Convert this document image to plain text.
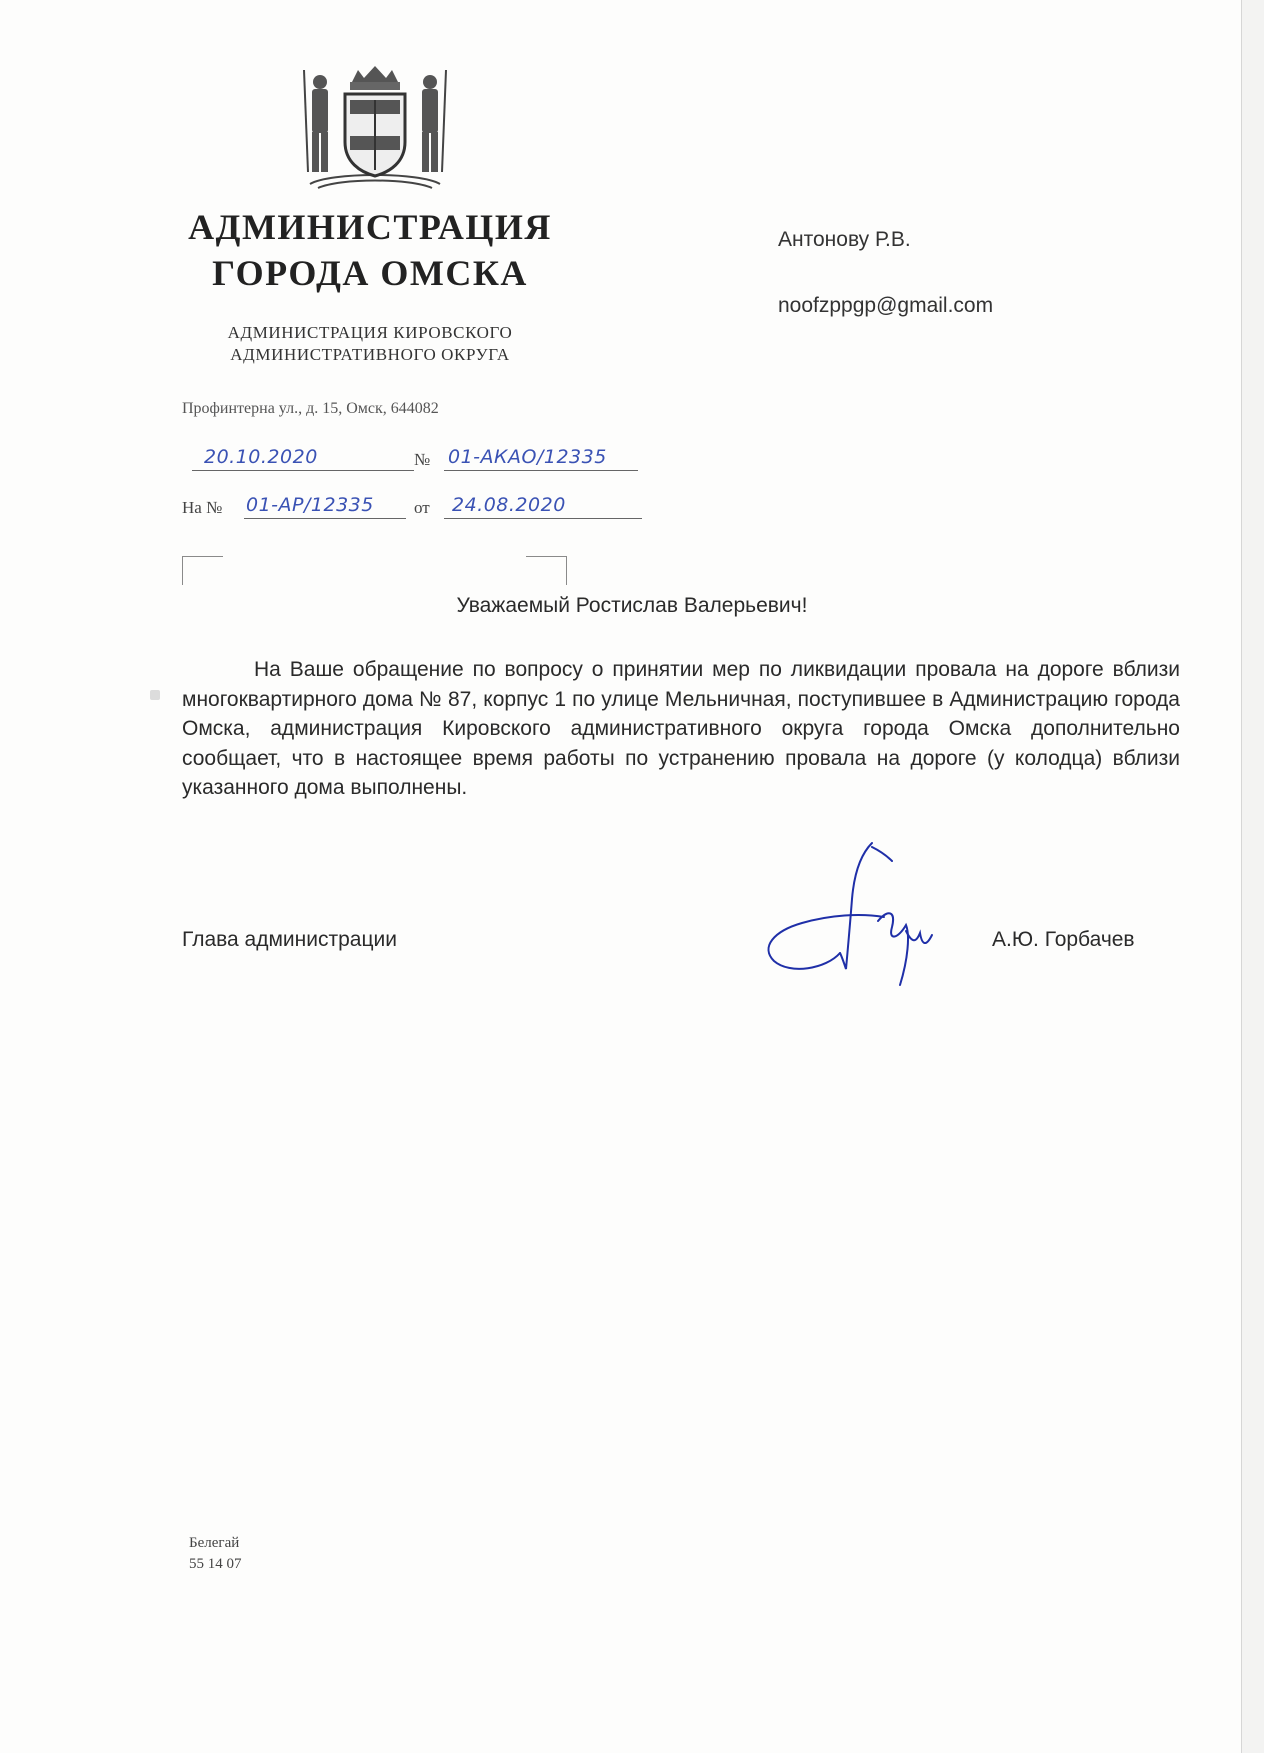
АДМИНИСТРАЦИЯ
ГОРОДА ОМСКА
АДМИНИСТРАЦИЯ КИРОВСКОГО
АДМИНИСТРАТИВНОГО ОКРУГА
Профинтерна ул., д. 15, Омск, 644082
20.10.2020	№ 01-АКАО/12335
На № 01-АР/12335	от	24.08.2020
Антонову Р.В.
noofzppgp@gmail.com
Уважаемый Ростислав Валерьевич!
На Ваше обращение по вопросу о принятии мер по ликвидации провала на дороге вблизи многоквартирного дома № 87, корпус 1 по улице Мельничная, поступившее в Администрацию города Омска, администрация Кировского административного округа города Омска дополнительно сообщает, что в настоящее время работы по устранению провала на дороге (у колодца) вблизи указанного дома выполнены.
Глава администрации	А.Ю. Горбачев
Белегай
55 14 07
